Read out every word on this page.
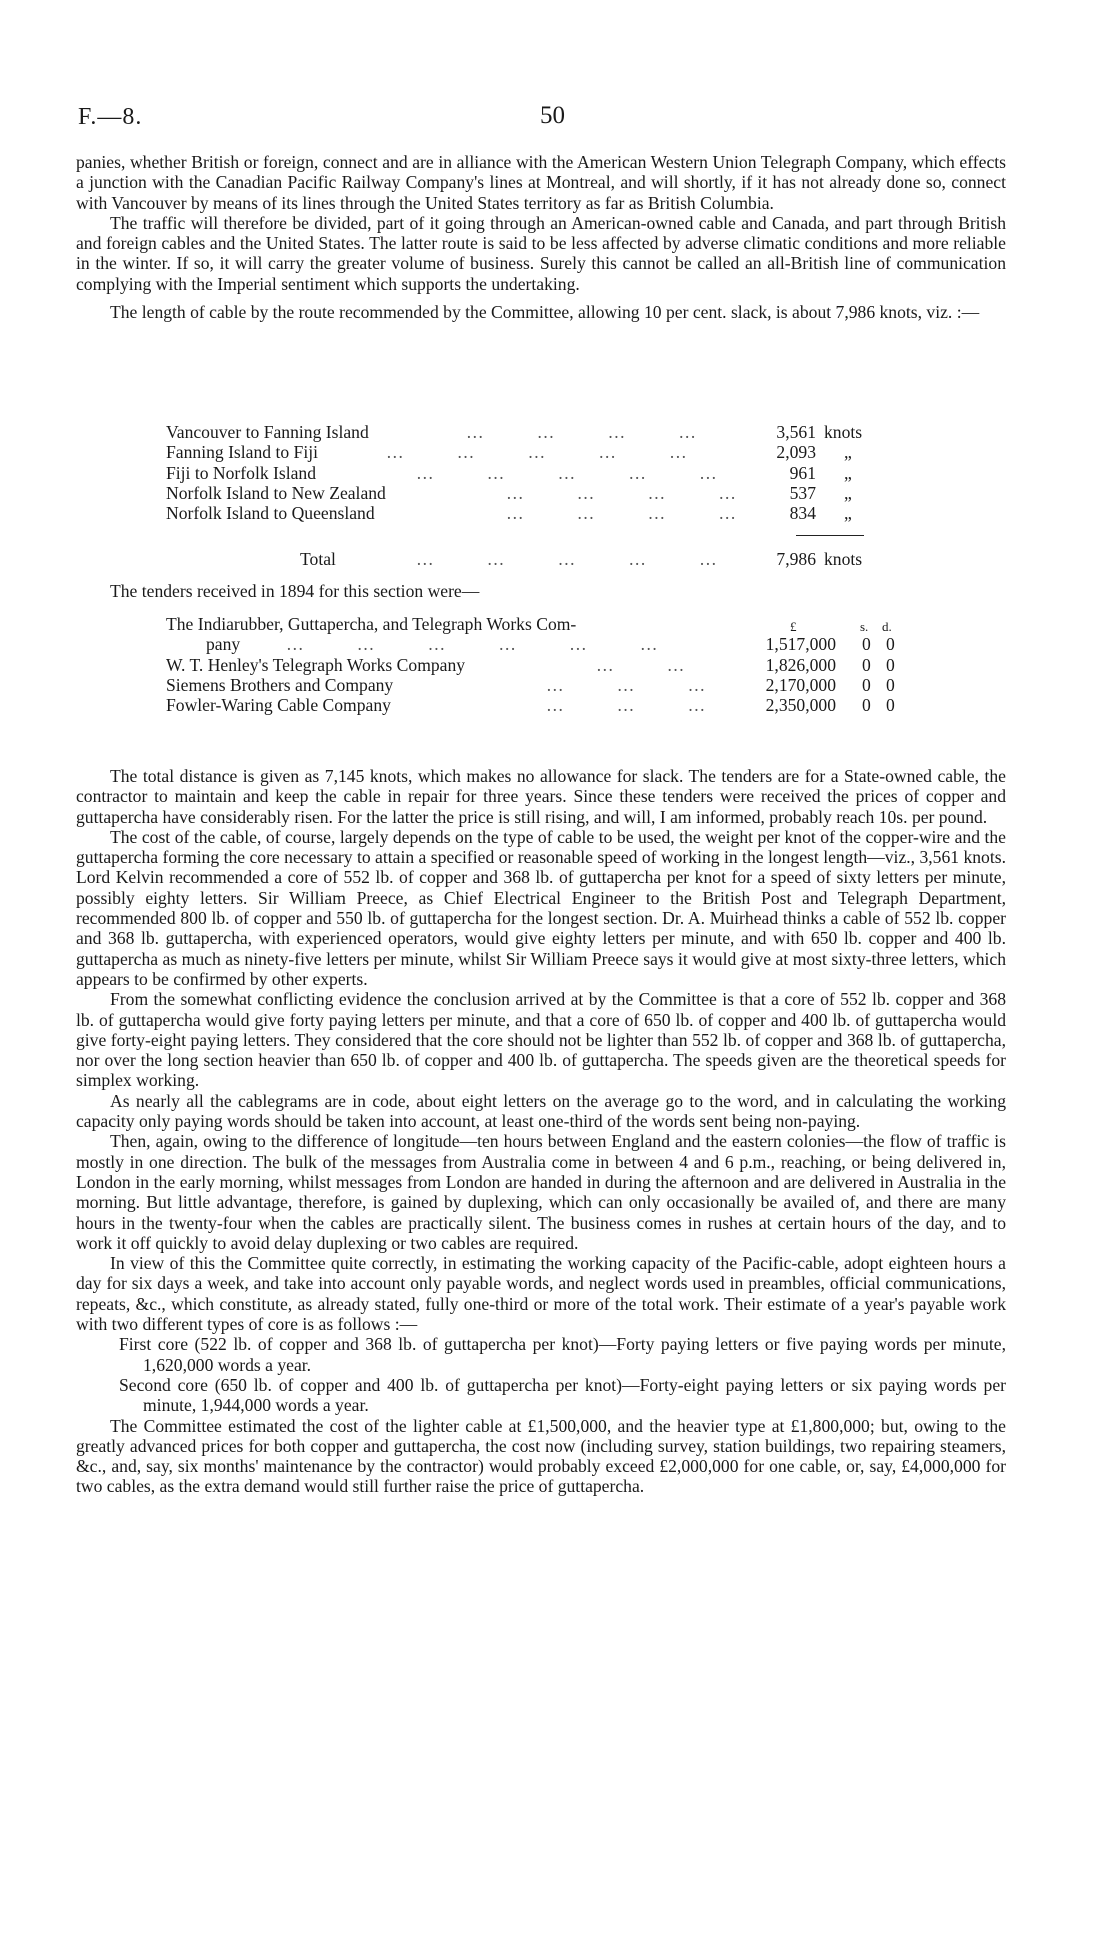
F.—8.	50

panies, whether British or foreign, connect and are in alliance with the American Western Union Telegraph Company, which effects a junction with the Canadian Pacific Railway Company's lines at Montreal, and will shortly, if it has not already done so, connect with Vancouver by means of its lines through the United States territory as far as British Columbia.

The traffic will therefore be divided, part of it going through an American-owned cable and Canada, and part through British and foreign cables and the United States. The latter route is said to be less affected by adverse climatic conditions and more reliable in the winter. If so, it will carry the greater volume of business. Surely this cannot be called an all-British line of communication complying with the Imperial sentiment which supports the undertaking.

The length of cable by the route recommended by the Committee, allowing 10 per cent. slack, is about 7,986 knots, viz. :—

Vancouver to Fanning Island	…        …        …        …	3,561 knots
Fanning Island to Fiji	…        …        …        …        …	2,093 „
Fiji to Norfolk Island	…        …        …        …        …	961 „
Norfolk Island to New Zealand	…        …        …        …	537 „
Norfolk Island to Queensland	…        …        …        …	834 „
Total	…        …        …        …        …	7,986 knots

The tenders received in 1894 for this section were—

The Indiarubber, Guttapercha, and Telegraph Works Com-	£	s. d.
pany	…        …        …        …        …        …	1,517,000 0 0
W. T. Henley's Telegraph Works Company	…        …	1,826,000 0 0
Siemens Brothers and Company	…        …        …	2,170,000 0 0
Fowler-Waring Cable Company	…        …        …	2,350,000 0 0

The total distance is given as 7,145 knots, which makes no allowance for slack. The tenders are for a State-owned cable, the contractor to maintain and keep the cable in repair for three years. Since these tenders were received the prices of copper and guttapercha have considerably risen. For the latter the price is still rising, and will, I am informed, probably reach 10s. per pound.

The cost of the cable, of course, largely depends on the type of cable to be used, the weight per knot of the copper-wire and the guttapercha forming the core necessary to attain a specified or reasonable speed of working in the longest length—viz., 3,561 knots. Lord Kelvin recommended a core of 552 lb. of copper and 368 lb. of guttapercha per knot for a speed of sixty letters per minute, possibly eighty letters. Sir William Preece, as Chief Electrical Engineer to the British Post and Telegraph Department, recommended 800 lb. of copper and 550 lb. of guttapercha for the longest section. Dr. A. Muirhead thinks a cable of 552 lb. copper and 368 lb. guttapercha, with experienced operators, would give eighty letters per minute, and with 650 lb. copper and 400 lb. guttapercha as much as ninety-five letters per minute, whilst Sir William Preece says it would give at most sixty-three letters, which appears to be confirmed by other experts.

From the somewhat conflicting evidence the conclusion arrived at by the Committee is that a core of 552 lb. copper and 368 lb. of guttapercha would give forty paying letters per minute, and that a core of 650 lb. of copper and 400 lb. of guttapercha would give forty-eight paying letters. They considered that the core should not be lighter than 552 lb. of copper and 368 lb. of guttapercha, nor over the long section heavier than 650 lb. of copper and 400 lb. of guttapercha. The speeds given are the theoretical speeds for simplex working.

As nearly all the cablegrams are in code, about eight letters on the average go to the word, and in calculating the working capacity only paying words should be taken into account, at least one-third of the words sent being non-paying.

Then, again, owing to the difference of longitude—ten hours between England and the eastern colonies—the flow of traffic is mostly in one direction. The bulk of the messages from Australia come in between 4 and 6 p.m., reaching, or being delivered in, London in the early morning, whilst messages from London are handed in during the afternoon and are delivered in Australia in the morning. But little advantage, therefore, is gained by duplexing, which can only occasionally be availed of, and there are many hours in the twenty-four when the cables are practically silent. The business comes in rushes at certain hours of the day, and to work it off quickly to avoid delay duplexing or two cables are required.

In view of this the Committee quite correctly, in estimating the working capacity of the Pacific-cable, adopt eighteen hours a day for six days a week, and take into account only payable words, and neglect words used in preambles, official communications, repeats, &c., which constitute, as already stated, fully one-third or more of the total work. Their estimate of a year's payable work with two different types of core is as follows :—

First core (522 lb. of copper and 368 lb. of guttapercha per knot)—Forty paying letters or five paying words per minute, 1,620,000 words a year.

Second core (650 lb. of copper and 400 lb. of guttapercha per knot)—Forty-eight paying letters or six paying words per minute, 1,944,000 words a year.

The Committee estimated the cost of the lighter cable at £1,500,000, and the heavier type at £1,800,000; but, owing to the greatly advanced prices for both copper and guttapercha, the cost now (including survey, station buildings, two repairing steamers, &c., and, say, six months' maintenance by the contractor) would probably exceed £2,000,000 for one cable, or, say, £4,000,000 for two cables, as the extra demand would still further raise the price of guttapercha.
